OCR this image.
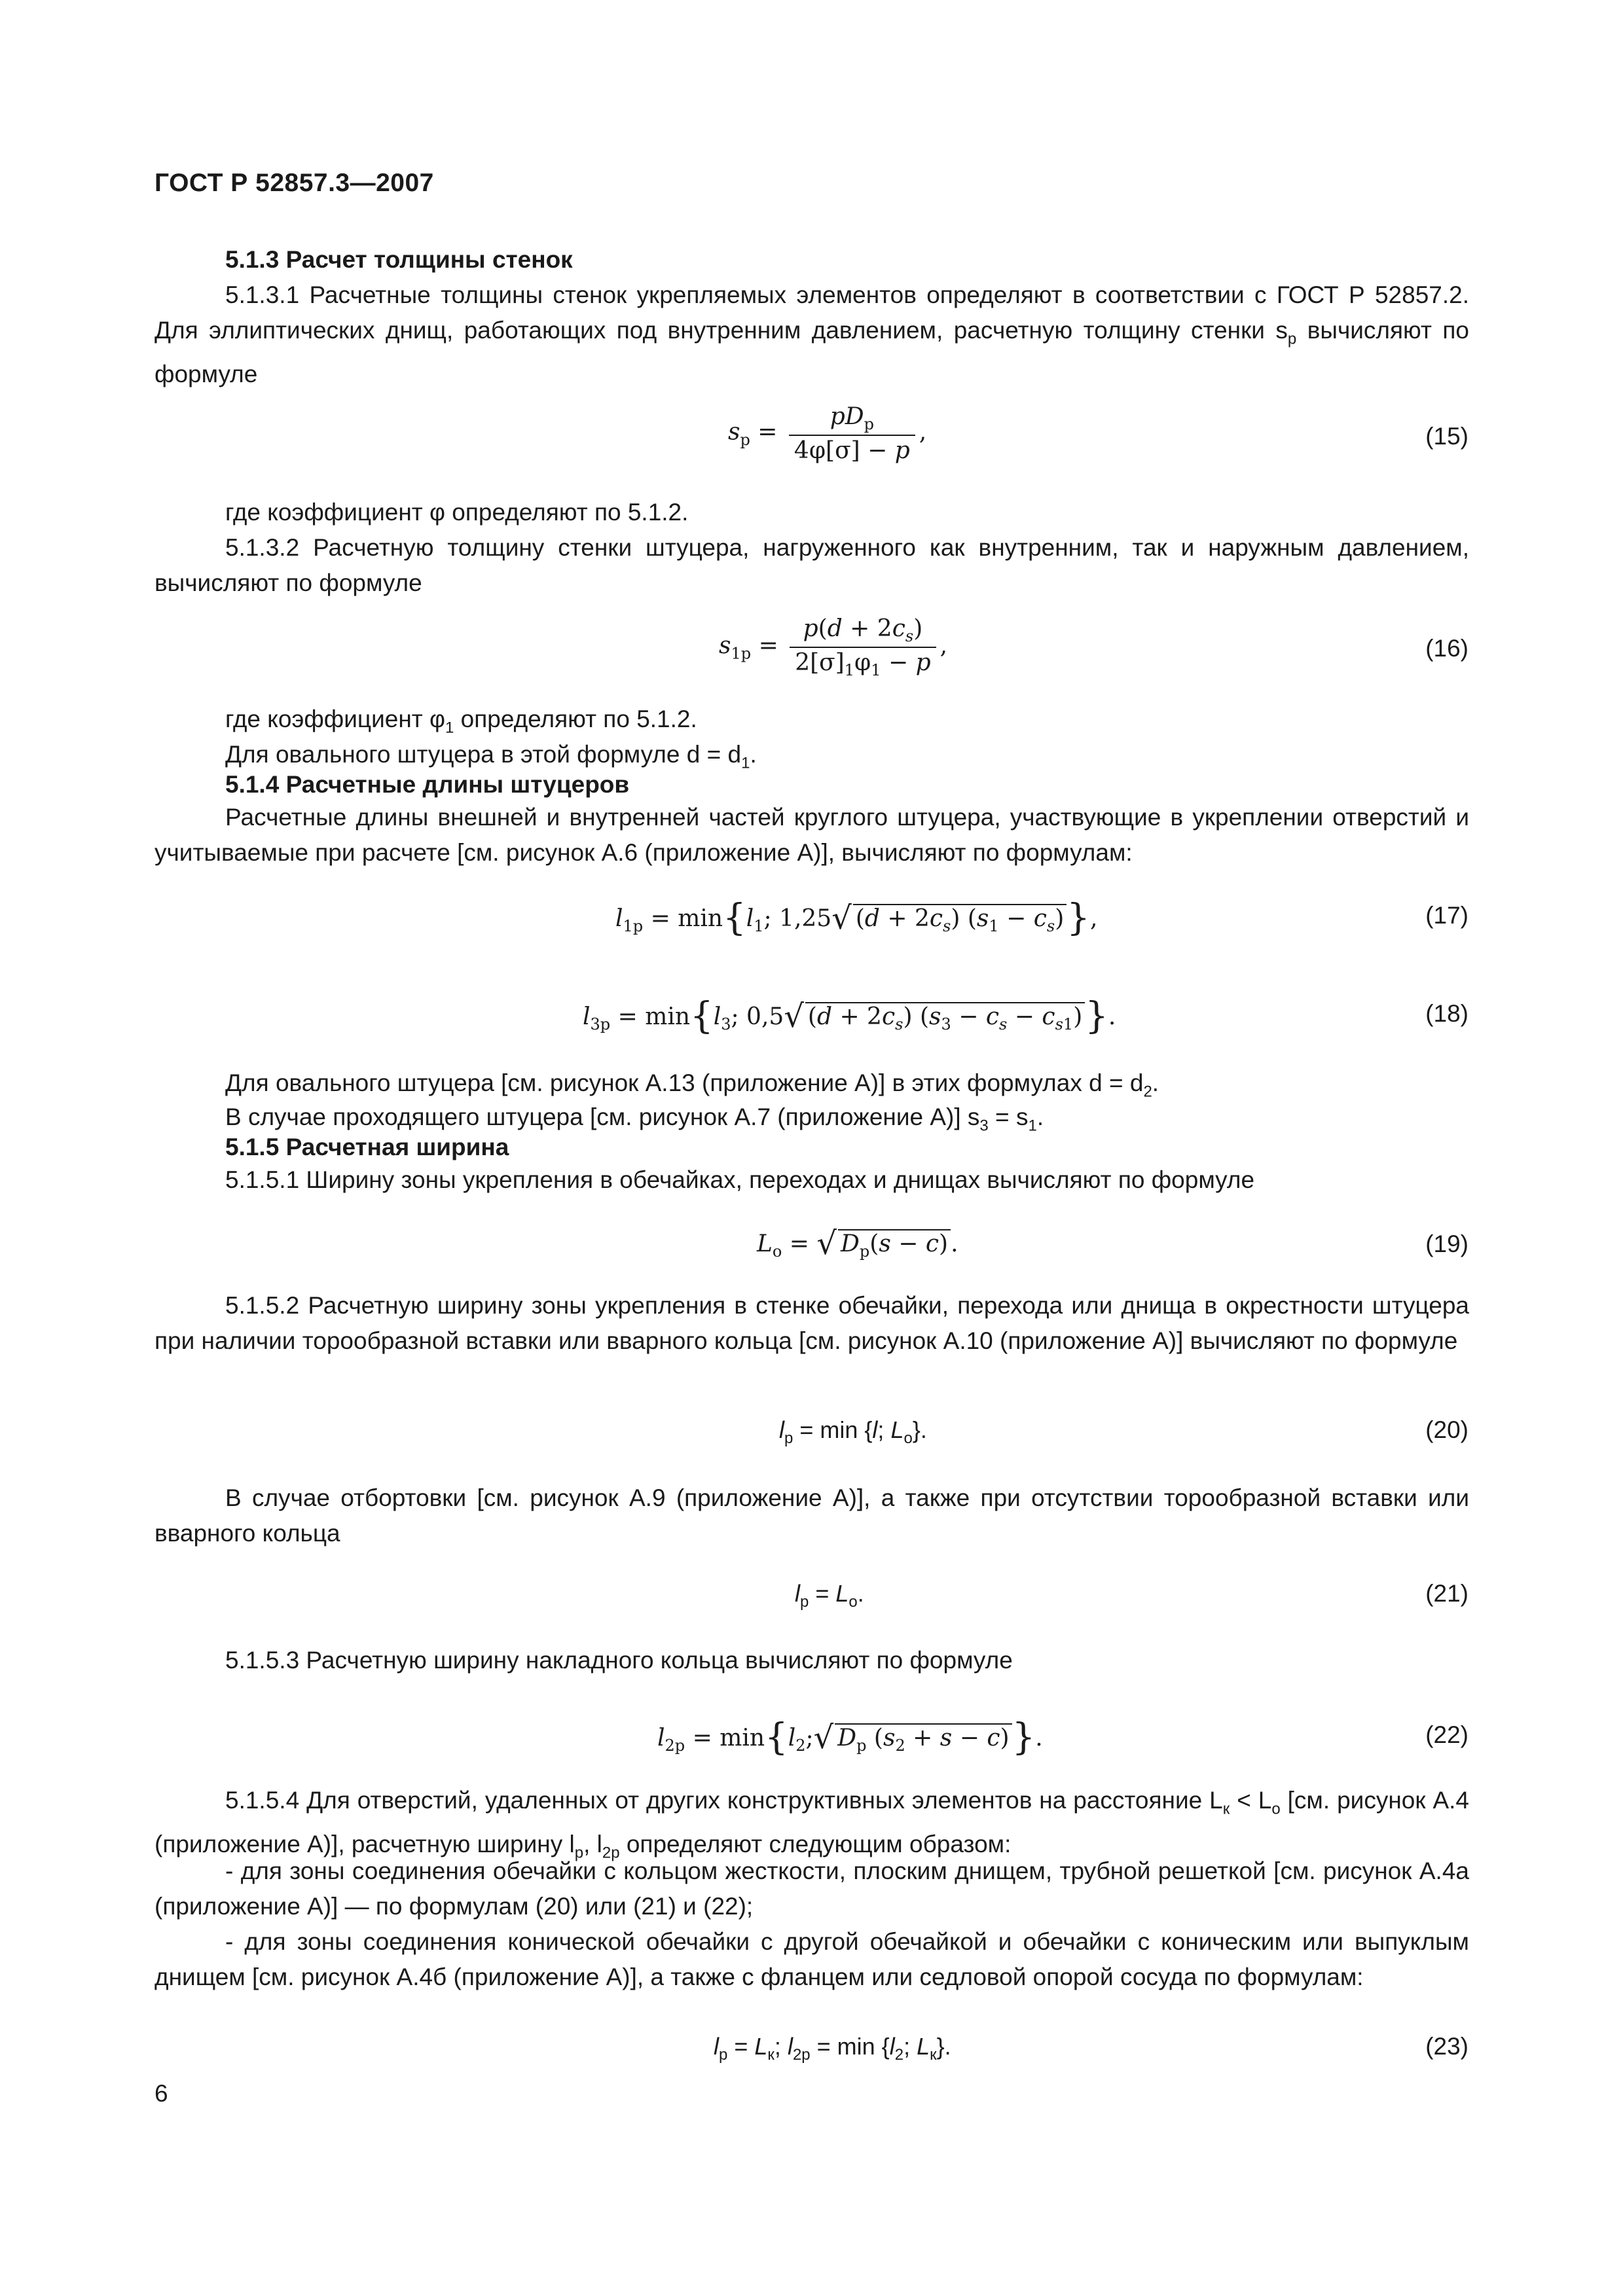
ГОСТ Р 52857.3—2007
5.1.3 Расчет толщины стенок
5.1.3.1 Расчетные толщины стенок укрепляемых элементов определяют в соответствии с ГОСТ Р 52857.2. Для эллиптических днищ, работающих под внутренним давлением, расчетную толщину стенки $s_р$ вычисляют по формуле
$s_р = \frac{pD_р}{4\varphi[\sigma] - p}$ ,	(15)
где коэффициент φ определяют по 5.1.2.
5.1.3.2 Расчетную толщину стенки штуцера, нагруженного как внутренним, так и наружным давлением, вычисляют по формуле
$s_{1р} = \frac{p(d + 2c_s)}{2[\sigma]_1\varphi_1 - p}$ ,	(16)
где коэффициент $\varphi_1$ определяют по 5.1.2.
Для овального штуцера в этой формуле $d = d_1$.
5.1.4 Расчетные длины штуцеров
Расчетные длины внешней и внутренней частей круглого штуцера, участвующие в укреплении отверстий и учитываемые при расчете [см. рисунок А.6 (приложение А)], вычисляют по формулам:
$l_{1р} = \min\{l_1$; 1,25√ $(d + 2c_s)$ $(s_1 - c_s)$},	(17)
$l_{3р} = \min\{l_3$; 0,5√ $(d + 2c_s)$ $(s_3 - c_s - c_{s1})$}.	(18)
Для овального штуцера [см. рисунок А.13 (приложение А)] в этих формулах $d = d_2$.
В случае проходящего штуцера [см. рисунок А.7 (приложение А)] $s_3 = s_1$.
5.1.5 Расчетная ширина
5.1.5.1 Ширину зоны укрепления в обечайках, переходах и днищах вычисляют по формуле
$L_о$ = √ $D_р(s - c)$ .	(19)
5.1.5.2 Расчетную ширину зоны укрепления в стенке обечайки, перехода или днища в окрестности штуцера при наличии торообразной вставки или вварного кольца [см. рисунок А.10 (приложение А)] вычисляют по формуле
$l_р = \min \{l$; $L_о$}.	(20)
В случае отбортовки [см. рисунок А.9 (приложение А)], а также при отсутствии торообразной вставки или вварного кольца
$l_р = L_о$.	(21)
5.1.5.3 Расчетную ширину накладного кольца вычисляют по формуле
$l_{2р}$ = $\min\{l_2;√$ $D_р$ $(s_2 + s - c)$}.	(22)
5.1.5.4 Для отверстий, удаленных от других конструктивных элементов на расстояние $L_к < L_о$ [см. рисунок А.4 (приложение А)], расчетную ширину $l_р$, $l_{2р}$ определяют следующим образом:
- для зоны соединения обечайки с кольцом жесткости, плоским днищем, трубной решеткой [см. рисунок А.4а (приложение А)] — по формулам (20) или (21) и (22);
- для зоны соединения конической обечайки с другой обечайкой и обечайки с коническим или выпуклым днищем [см. рисунок А.4б (приложение А)], а также с фланцем или седловой опорой сосуда по формулам:
$l_р = L_к$; $l_{2р} = \min \{l_2$; $L_к$}.	(23)
6
